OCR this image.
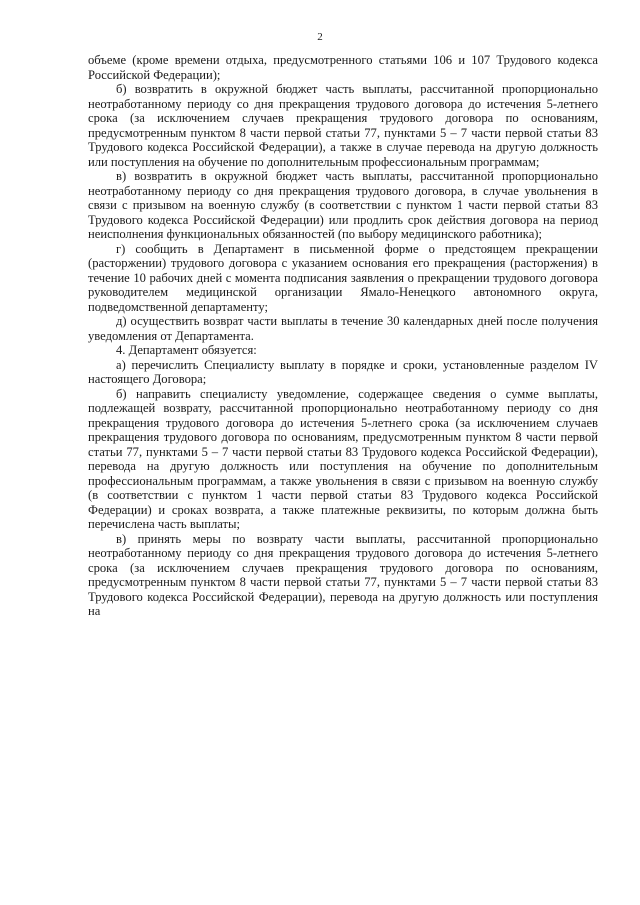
2

объеме (кроме времени отдыха, предусмотренного статьями 106 и 107 Трудового кодекса Российской Федерации);

б) возвратить в окружной бюджет часть выплаты, рассчитанной пропорционально неотработанному периоду со дня прекращения трудового договора до истечения 5-летнего срока (за исключением случаев прекращения трудового договора по основаниям, предусмотренным пунктом 8 части первой статьи 77, пунктами 5 – 7 части первой статьи 83 Трудового кодекса Российской Федерации), а также в случае перевода на другую должность или поступления на обучение по дополнительным профессиональным программам;

в) возвратить в окружной бюджет часть выплаты, рассчитанной пропорционально неотработанному периоду со дня прекращения трудового договора, в случае увольнения в связи с призывом на военную службу (в соответствии с пунктом 1 части первой статьи 83 Трудового кодекса Российской Федерации) или продлить срок действия договора на период неисполнения функциональных обязанностей (по выбору медицинского работника);

г) сообщить в Департамент в письменной форме о предстоящем прекращении (расторжении) трудового договора с указанием основания его прекращения (расторжения) в течение 10 рабочих дней с момента подписания заявления о прекращении трудового договора руководителем медицинской организации Ямало-Ненецкого автономного округа, подведомственной департаменту;

д) осуществить возврат части выплаты в течение 30 календарных дней после получения уведомления от Департамента.

4. Департамент обязуется:

а) перечислить Специалисту выплату в порядке и сроки, установленные разделом IV настоящего Договора;

б) направить специалисту уведомление, содержащее сведения о сумме выплаты, подлежащей возврату, рассчитанной пропорционально неотработанному периоду со дня прекращения трудового договора до истечения 5-летнего срока (за исключением случаев прекращения трудового договора по основаниям, предусмотренным пунктом 8 части первой статьи 77, пунктами 5 – 7 части первой статьи 83 Трудового кодекса Российской Федерации), перевода на другую должность или поступления на обучение по дополнительным профессиональным программам, а также увольнения в связи с призывом на военную службу (в соответствии с пунктом 1 части первой статьи 83 Трудового кодекса Российской Федерации) и сроках возврата, а также платежные реквизиты, по которым должна быть перечислена часть выплаты;

в) принять меры по возврату части выплаты, рассчитанной пропорционально неотработанному периоду со дня прекращения трудового договора до истечения 5-летнего срока (за исключением случаев прекращения трудового договора по основаниям, предусмотренным пунктом 8 части первой статьи 77, пунктами 5 – 7 части первой статьи 83 Трудового кодекса Российской Федерации), перевода на другую должность или поступления на
